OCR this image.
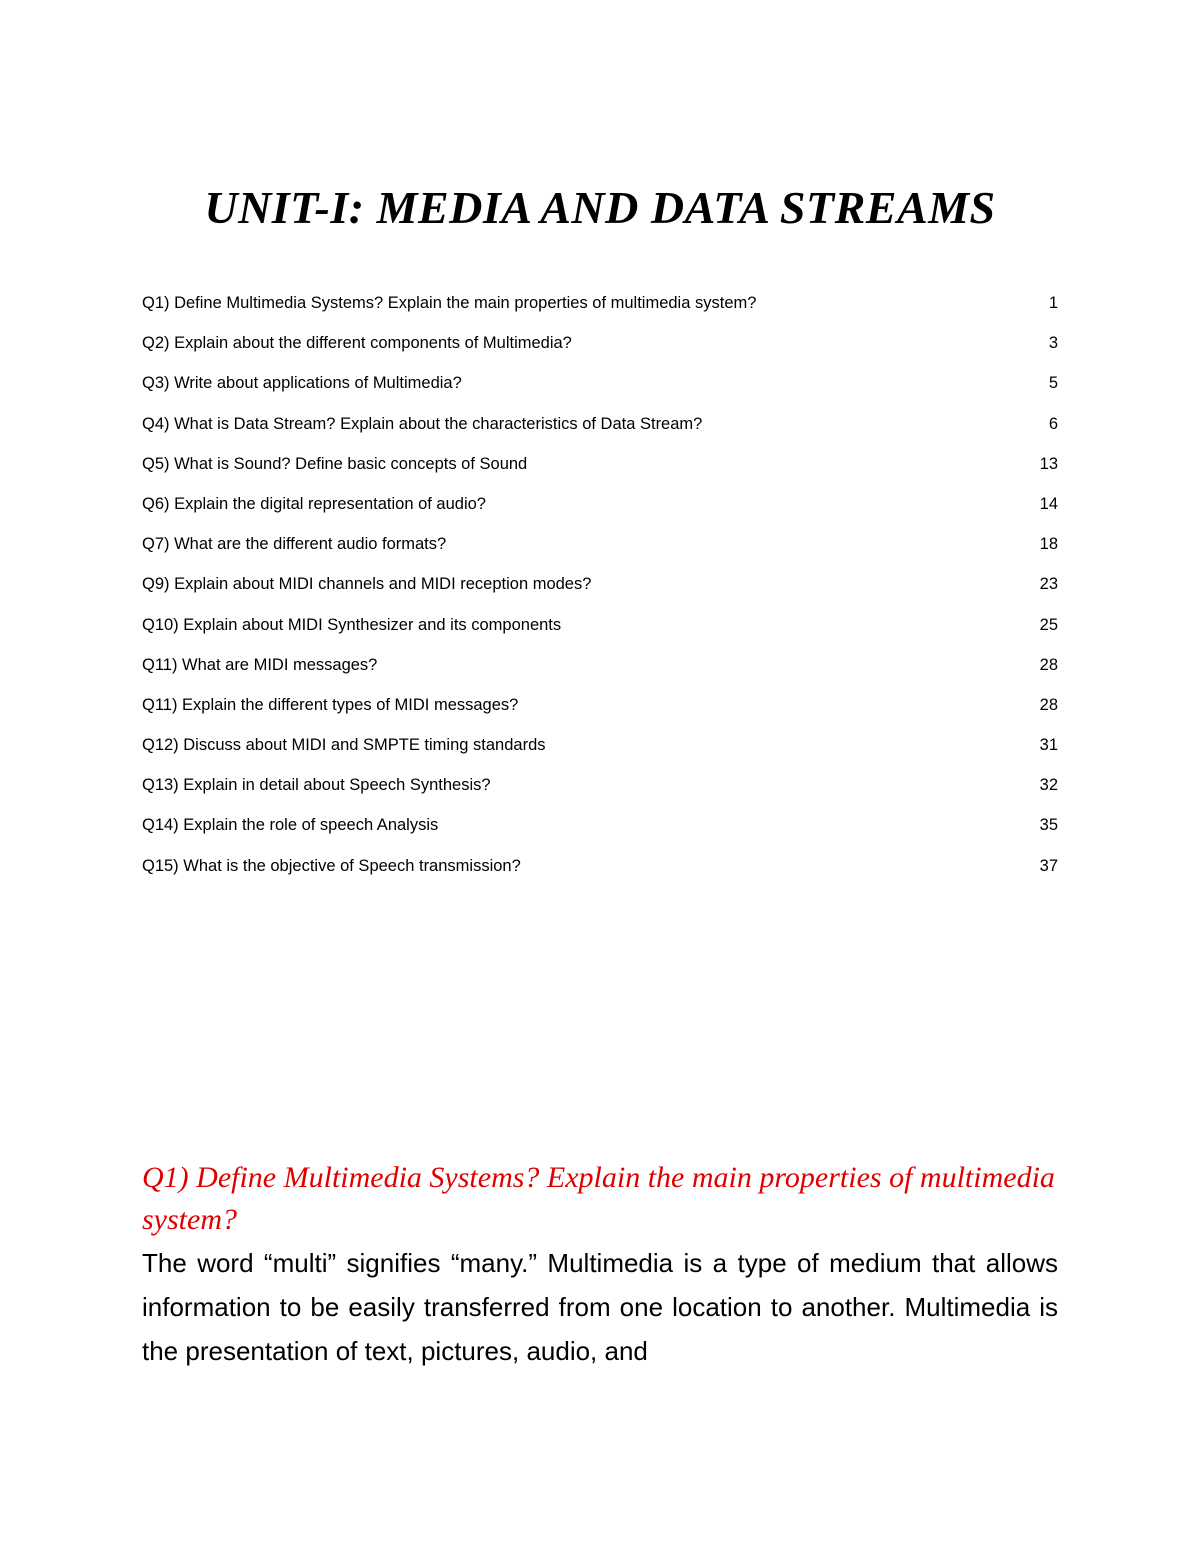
UNIT-I: MEDIA AND DATA STREAMS
Q1) Define Multimedia Systems? Explain the main properties of multimedia system?	1
Q2) Explain about the different components of Multimedia?	3
Q3) Write about applications of Multimedia?	5
Q4) What is Data Stream? Explain about the characteristics of Data Stream?	6
Q5) What is Sound? Define basic concepts of Sound	13
Q6) Explain the digital representation of audio?	14
Q7) What are the different audio formats?	18
Q9) Explain about MIDI channels and MIDI reception modes?	23
Q10) Explain about MIDI Synthesizer and its components	25
Q11) What are MIDI messages?	28
Q11) Explain the different types of MIDI messages?	28
Q12) Discuss about MIDI and SMPTE timing standards	31
Q13) Explain in detail about Speech Synthesis?	32
Q14) Explain the role of speech Analysis	35
Q15) What is the objective of Speech transmission?	37
Q1) Define Multimedia Systems? Explain the main properties of multimedia system?

The word “multi” signifies “many.” Multimedia is a type of medium that allows information to be easily transferred from one location to another. Multimedia is the presentation of text, pictures, audio, and
